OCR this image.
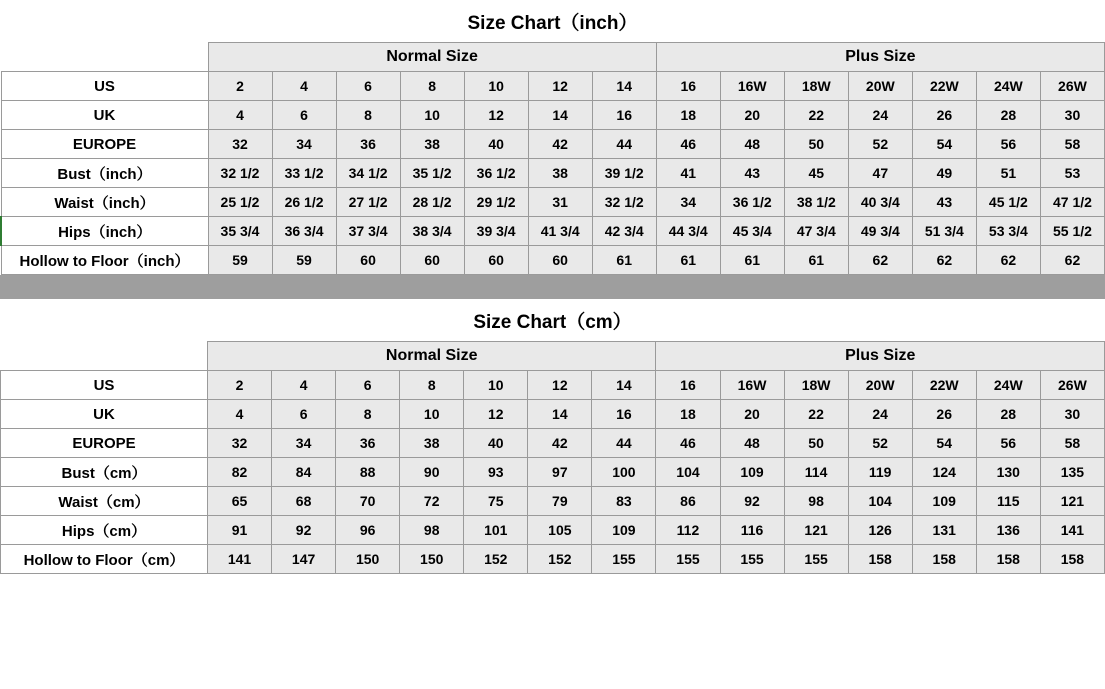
Size Chart（inch）
	Normal Size							Plus Size						
US	2	4	6	8	10	12	14	16	16W	18W	20W	22W	24W	26W
UK	4	6	8	10	12	14	16	18	20	22	24	26	28	30
EUROPE	32	34	36	38	40	42	44	46	48	50	52	54	56	58
Bust（inch）	32 1/2	33 1/2	34 1/2	35 1/2	36 1/2	38	39 1/2	41	43	45	47	49	51	53
Waist（inch）	25 1/2	26 1/2	27 1/2	28 1/2	29 1/2	31	32 1/2	34	36 1/2	38 1/2	40 3/4	43	45 1/2	47 1/2
Hips（inch）	35 3/4	36 3/4	37 3/4	38 3/4	39 3/4	41 3/4	42 3/4	44 3/4	45 3/4	47 3/4	49 3/4	51 3/4	53 3/4	55 1/2
Hollow to Floor（inch）	59	59	60	60	60	60	61	61	61	61	62	62	62	62
Size Chart（cm）
	Normal Size							Plus Size						
US	2	4	6	8	10	12	14	16	16W	18W	20W	22W	24W	26W
UK	4	6	8	10	12	14	16	18	20	22	24	26	28	30
EUROPE	32	34	36	38	40	42	44	46	48	50	52	54	56	58
Bust（cm）	82	84	88	90	93	97	100	104	109	114	119	124	130	135
Waist（cm）	65	68	70	72	75	79	83	86	92	98	104	109	115	121
Hips（cm）	91	92	96	98	101	105	109	112	116	121	126	131	136	141
Hollow to Floor（cm）	141	147	150	150	152	152	155	155	155	155	158	158	158	158
